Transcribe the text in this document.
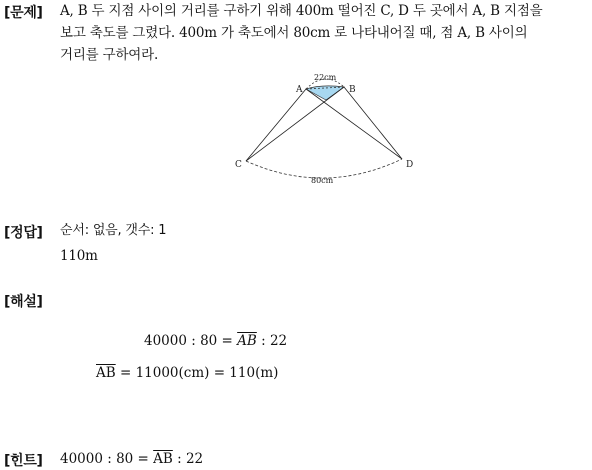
[문제] A, B 두 지점 사이의 거리를 구하기 위해 400m 떨어진 C, D 두 곳에서 A, B 지점을
보고 축도를 그렸다. 400m 가 축도에서 80cm 로 나타내어질 때, 점 A, B 사이의
거리를 구하여라.
A	B
C	D
22cm
80cm
[정답] 순서: 없음, 갯수: 1
110m
[해설]
40000 : $80 = \overline{AB}$ : 22
$\overline{AB} = 11000(cm) = 110(m)$
[힌트] 40000 : $80 = \overline{AB}$ : 22
